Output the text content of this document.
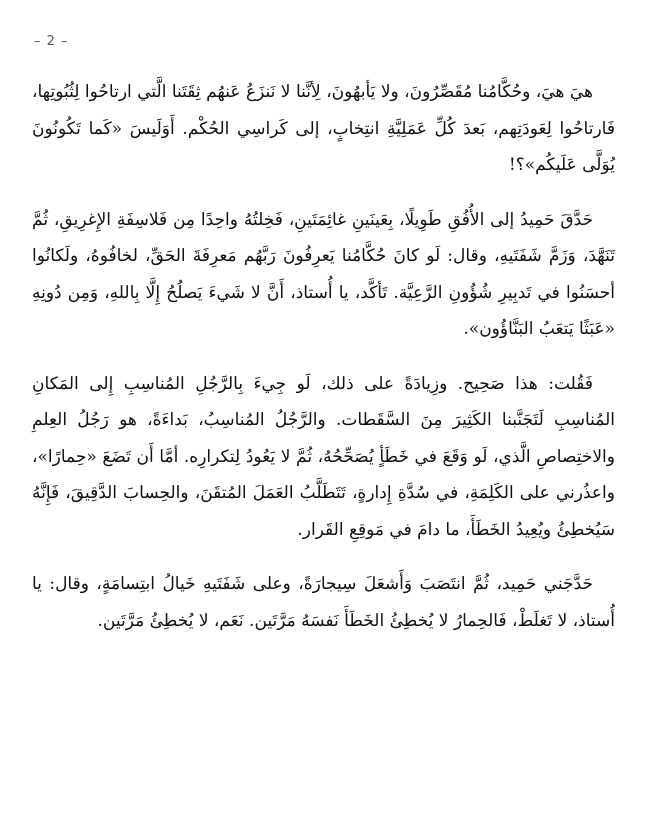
– 2 –

هيَ هيَ، وحُكَّامُنا مُقَصِّرُونَ، ولا يَأبهُونَ، لِأنَّنا لا نَنزَعُ عَنهُم ثِقَتَنا الَّتي ارتاحُوا لِثُبُوتِها، فَارتاحُوا لِعَودَتِهم، بَعدَ كُلِّ عَمَلِيَّةِ انتِخابٍ، إلى كَراسِي الحُكْم. أَوَلَيسَ «كَما تَكُونُونَ يُوَلَّى عَلَيكُم»؟!

حَدَّقَ حَمِيدُ إلى الأُفُقِ طَوِيلًا، بِعَينَينِ غائِمَتَينِ، فَخِلتُهُ واحِدًا مِن فَلاسِفَةِ الإِغرِيقِ، ثُمَّ تَنَهَّدَ، وَزَمَّ شَفَتَيهِ، وقال: لَو كانَ حُكَّامُنا يَعرِفُونَ رَبَّهُم مَعرِفَةَ الحَقِّ، لخافُوهُ، ولَكانُوا أحسَنُوا في تَدبِيرِ شُؤُونِ الرَّعِيَّة. تَأكَّد، يا أُستاذ، أَنَّ لا شَيءَ يَصلُحُ إِلَّا بِاللهِ، وَمِن دُونِهِ «عَبَثًا يَتعَبُ البَنَّاؤُون».

فَقُلت: هذا صَحِيح. وزِيادَةً على ذلك، لَو جِيءَ بِالرَّجُلِ المُناسِبِ إِلى المَكانِ المُناسِبِ لَتَجَنَّبنا الكَثِيرَ مِنَ السَّقَطات. والرَّجُلُ المُناسِبُ، بَداءَةً، هو رَجُلُ العِلمِ والاختِصاصِ الَّذي، لَو وَقَعَ في خَطَأٍ يُصَحِّحُهُ، ثُمَّ لا يَعُودُ لِتكرارِه. أمَّا أَن تَضَعَ «حِمارًا»، واعذُرني على الكَلِمَةِ، في سُدَّةِ إِدارةٍ، تَتَطَلَّبُ العَمَلَ المُتقَنَ، والحِسابَ الدَّقِيقَ، فَإِنَّهُ سَيُخطِئُ ويُعِيدُ الخَطَأَ، ما دامَ في مَوقِعِ القَرار.

حَدَّجَني حَمِيد، ثُمَّ انتَصَبَ وَأَشعَلَ سِيجارَةً، وعلى شَفَتَيهِ خَيالُ ابتِسامَةٍ، وقال: يا أُستاذ، لا تَغلَطْ، فَالحِمارُ لا يُخطِئُ الخَطَأَ نَفسَهُ مَرَّتَين. نَعَم، لا يُخطِئُ مَرَّتَين.
